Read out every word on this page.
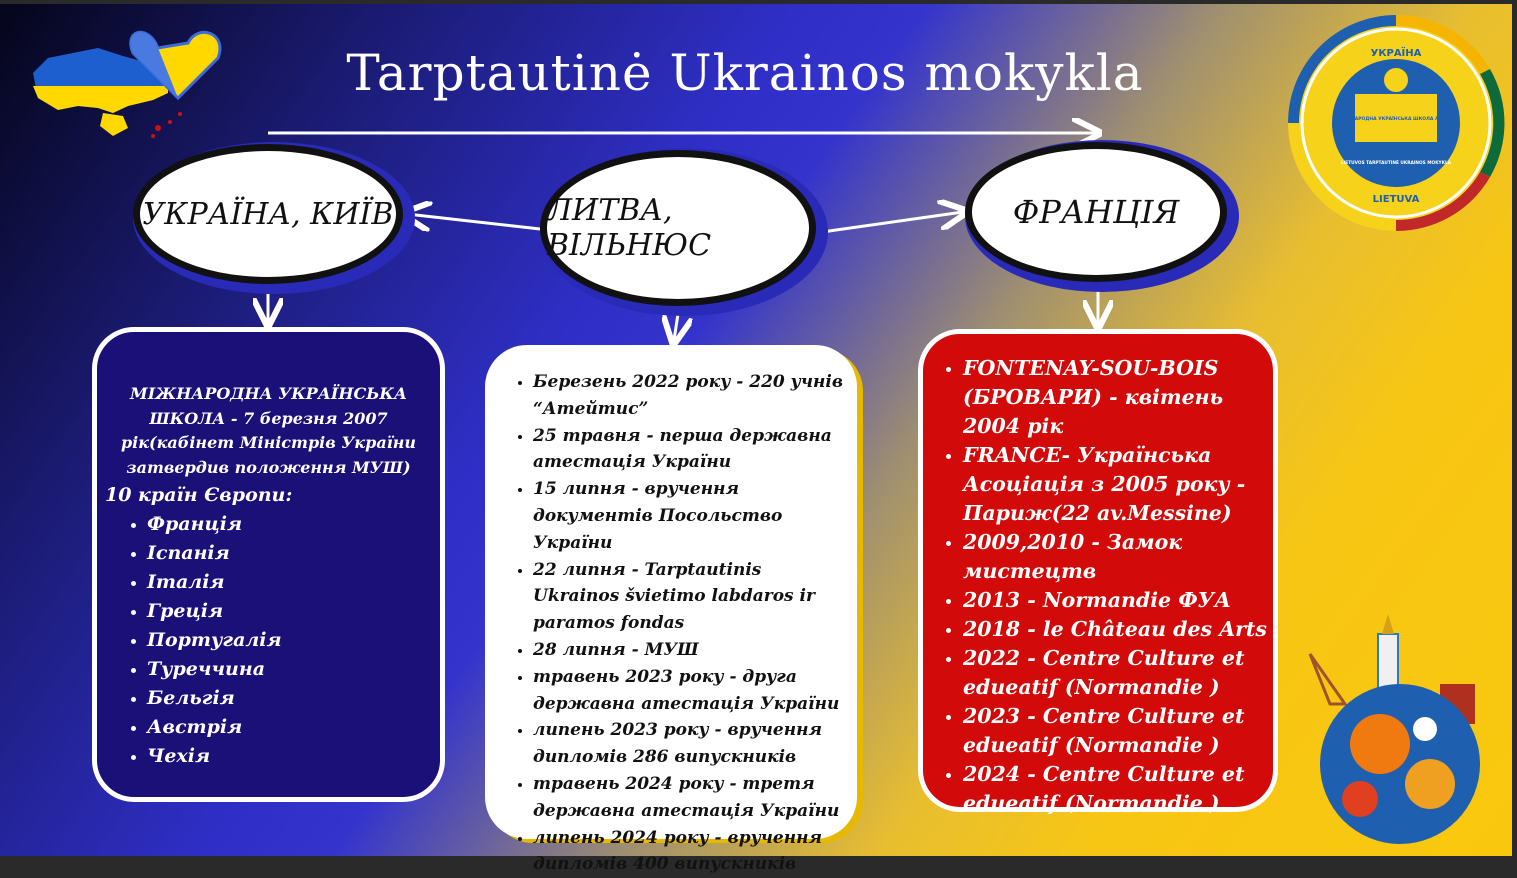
Tarptautinė Ukrainos mokykla
УКРАЇНА, КИЇВ	ЛИТВА, ВІЛЬНЮС
ФРАНЦІЯ
МІЖНАРОДНА УКРАЇНСЬКА ШКОЛА - 7 березня 2007 рік(кабінет Міністрів України затвердив положення МУШ)
10 країн Європи:
• Франція
• Іспанія
• Італія
• Греція
• Португалія
• Туреччина
• Бельгія
• Австрія
• Чехія
• Березень 2022 року - 220 учнів “Атейтис”
• 25 травня - перша державна атестація України
• 15 липня - вручення документів Посольство України
• 22 липня - Tarptautinis Ukrainos švietimo labdaros ir paramos fondas
• 28 липня - МУШ
• травень 2023 року - друга державна атестація України
• липень 2023 року - вручення дипломів 286 випускників
• травень 2024 року - третя державна атестація України
• липень 2024 року - вручення дипломів 400 випускників
• FONTENAY-SOU-BOIS (БРОВАРИ) - квітень 2004 рік
• FRANCE- Українська Асоціація з 2005 року - Париж(22 av.Messine)
• 2009,2010 - Замок мистецтв
• 2013 - Normandie ФУА
• 2018 - le Château des Arts
• 2022 - Centre Culture et edueatif (Normandie )
• 2023 - Centre Culture et edueatif (Normandie )
• 2024 - Centre Culture et edueatif (Normandie )
УКРАЇНА
LIETUVA
МІЖНАРОДНА УКРАЇНСЬКА ШКОЛА ЛИТВИ
LIETUVOS TARPTAUTINĖ UKRAINOS MOKYKLA
